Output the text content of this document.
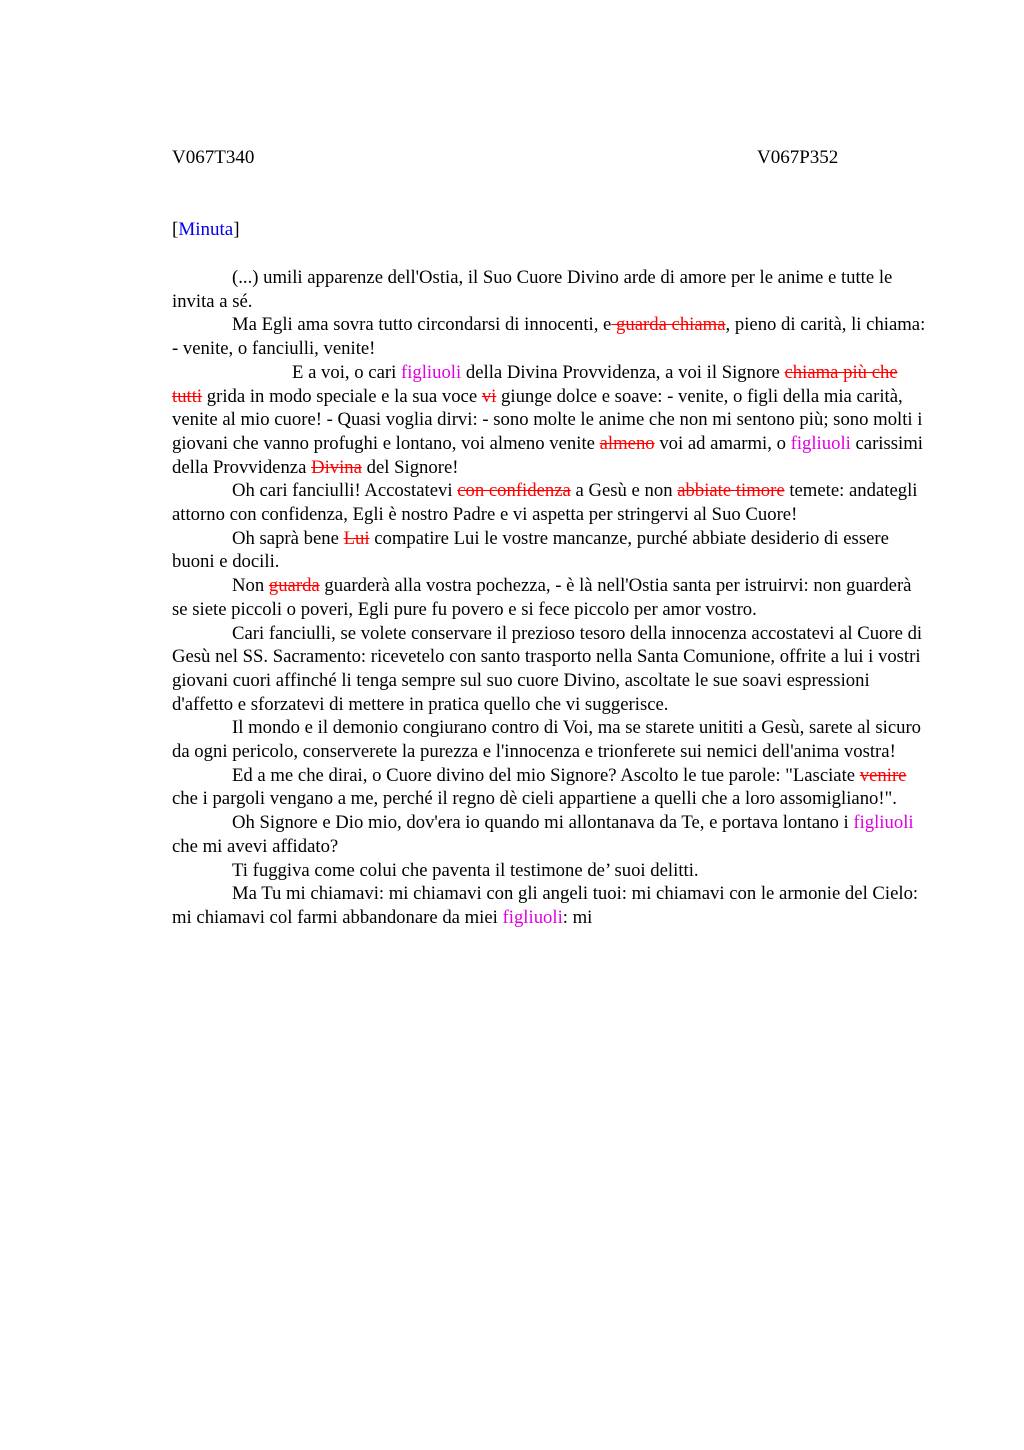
V067T340	V067P352
[Minuta]

(...) umili apparenze dell'Ostia, il Suo Cuore Divino arde di amore per le anime e tutte le invita a sé.

Ma Egli ama sovra tutto circondarsi di innocenti, e guarda chiama, pieno di carità, li chiama: - venite, o fanciulli, venite!

E a voi, o cari figliuoli della Divina Provvidenza, a voi il Signore chiama più che tutti grida in modo speciale e la sua voce vi giunge dolce e soave: - venite, o figli della mia carità, venite al mio cuore! - Quasi voglia dirvi: - sono molte le anime che non mi sentono più; sono molti i giovani che vanno profughi e lontano, voi almeno venite almeno voi ad amarmi, o figliuoli carissimi della Provvidenza Divina del Signore!

Oh cari fanciulli! Accostatevi con confidenza a Gesù e non abbiate timore temete: andategli attorno con confidenza, Egli è nostro Padre e vi aspetta per stringervi al Suo Cuore!

Oh saprà bene Lui compatire Lui le vostre mancanze, purché abbiate desiderio di essere buoni e docili.

Non guarda guarderà alla vostra pochezza, - è là nell'Ostia santa per istruirvi: non guarderà se siete piccoli o poveri, Egli pure fu povero e si fece piccolo per amor vostro.

Cari fanciulli, se volete conservare il prezioso tesoro della innocenza accostatevi al Cuore di Gesù nel SS. Sacramento: ricevetelo con santo trasporto nella Santa Comunione, offrite a lui i vostri giovani cuori affinché li tenga sempre sul suo cuore Divino, ascoltate le sue soavi espressioni d'affetto e sforzatevi di mettere in pratica quello che vi suggerisce.

Il mondo e il demonio congiurano contro di Voi, ma se starete unititi a Gesù, sarete al sicuro da ogni pericolo, conserverete la purezza e l'innocenza e trionferete sui nemici dell'anima vostra!

Ed a me che dirai, o Cuore divino del mio Signore? Ascolto le tue parole: "Lasciate venire che i pargoli vengano a me, perché il regno dè cieli appartiene a quelli che a loro assomigliano!".

Oh Signore e Dio mio, dov'era io quando mi allontanava da Te, e portava lontano i figliuoli che mi avevi affidato?

Ti fuggiva come colui che paventa il testimone de’ suoi delitti.

Ma Tu mi chiamavi: mi chiamavi con gli angeli tuoi: mi chiamavi con le armonie del Cielo: mi chiamavi col farmi abbandonare da miei figliuoli: mi
